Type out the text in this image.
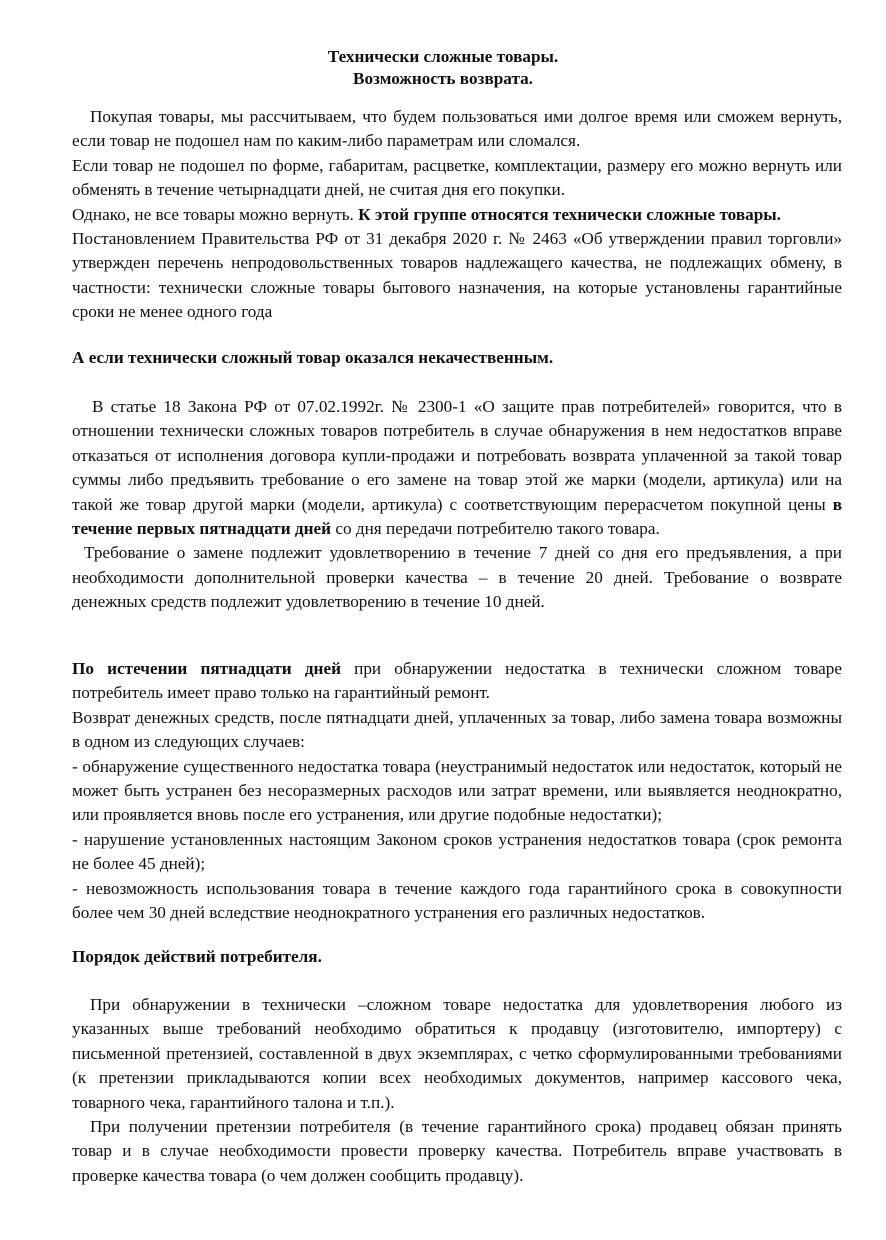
Технически сложные товары.
Возможность возврата.

Покупая товары, мы рассчитываем, что будем пользоваться ими долгое время или сможем вернуть, если товар не подошел нам по каким-либо параметрам или сломался.

Если товар не подошел по форме, габаритам, расцветке, комплектации, размеру его можно вернуть или обменять в течение четырнадцати дней, не считая дня его покупки.

Однако, не все товары можно вернуть. К этой группе относятся технически сложные товары.

Постановлением Правительства РФ от 31 декабря 2020 г. № 2463 «Об утверждении правил торговли» утвержден перечень непродовольственных товаров надлежащего качества, не подлежащих обмену, в частности: технически сложные товары бытового назначения, на которые установлены гарантийные сроки не менее одного года

А если технически сложный товар оказался некачественным.

В статье 18 Закона РФ от 07.02.1992г. № 2300-1 «О защите прав потребителей» говорится, что в отношении технически сложных товаров потребитель в случае обнаружения в нем недостатков вправе отказаться от исполнения договора купли-продажи и потребовать возврата уплаченной за такой товар суммы либо предъявить требование о его замене на товар этой же марки (модели, артикула) или на такой же товар другой марки (модели, артикула) с соответствующим перерасчетом покупной цены в течение первых пятнадцати дней со дня передачи потребителю такого товара.

Требование о замене подлежит удовлетворению в течение 7 дней со дня его предъявления, а при необходимости дополнительной проверки качества – в течение 20 дней. Требование о возврате денежных средств подлежит удовлетворению в течение 10 дней.

По истечении пятнадцати дней при обнаружении недостатка в технически сложном товаре потребитель имеет право только на гарантийный ремонт.

Возврат денежных средств, после пятнадцати дней, уплаченных за товар, либо замена товара возможны в одном из следующих случаев:

- обнаружение существенного недостатка товара (неустранимый недостаток или недостаток, который не может быть устранен без несоразмерных расходов или затрат времени, или выявляется неоднократно, или проявляется вновь после его устранения, или другие подобные недостатки);

- нарушение установленных настоящим Законом сроков устранения недостатков товара (срок ремонта не более 45 дней);

- невозможность использования товара в течение каждого года гарантийного срока в совокупности более чем 30 дней вследствие неоднократного устранения его различных недостатков.

Порядок действий потребителя.

При обнаружении в технически –сложном товаре недостатка для удовлетворения любого из указанных выше требований необходимо обратиться к продавцу (изготовителю, импортеру) с письменной претензией, составленной в двух экземплярах, с четко сформулированными требованиями (к претензии прикладываются копии всех необходимых документов, например кассового чека, товарного чека, гарантийного талона и т.п.).

При получении претензии потребителя (в течение гарантийного срока) продавец обязан принять товар и в случае необходимости провести проверку качества. Потребитель вправе участвовать в проверке качества товара (о чем должен сообщить продавцу).
